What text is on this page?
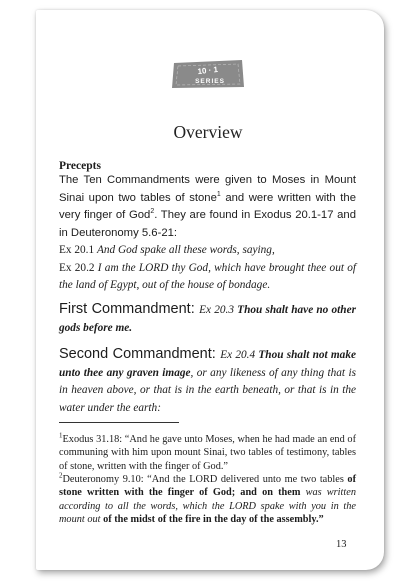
10 · 1
SERIES
Overview
Precepts
The Ten Commandments were given to Moses in Mount Sinai upon two tables of stone$^1$ and were written with the very finger of God$^2$. They are found in Exodus 20.1-17 and in Deuteronomy 5.6-21:
Ex 20.1 And God spake all these words, saying,
Ex 20.2 I am the LORD thy God, which have brought thee out of the land of Egypt, out of the house of bondage.
First Commandment: Ex 20.3 Thou shalt have no other gods before me.
Second Commandment: Ex 20.4 Thou shalt not make unto thee any graven image, or any likeness of any thing that is in heaven above, or that is in the earth beneath, or that is in the water under the earth:
$^1$Exodus 31.18: “And he gave unto Moses, when he had made an end of communing with him upon mount Sinai, two tables of testimony, tables of stone, written with the finger of God.”
$^2$Deuteronomy 9.10: “And the LORD delivered unto me two tables of stone written with the finger of God; and on them was written according to all the words, which the LORD spake with you in the mount out of the midst of the fire in the day of the assembly.”
13
